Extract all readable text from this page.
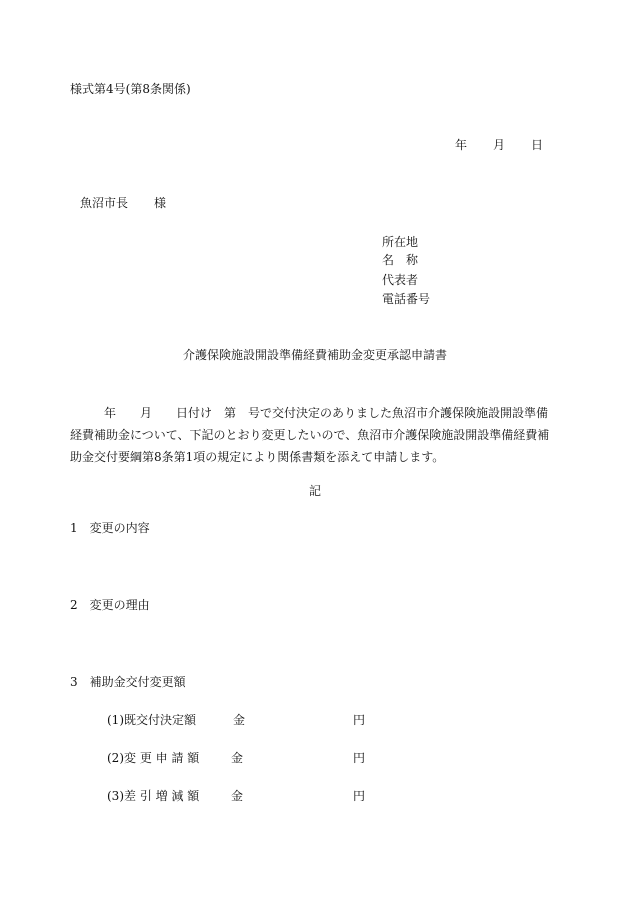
様式第4号(第8条関係)
年 月 日
魚沼市長 様
所在地
名　称
代表者
電話番号
介護保険施設開設準備経費補助金変更承認申請書
年　　月　　日付け　第　号で交付決定のありました魚沼市介護保険施設開設準備
経費補助金について、下記のとおり変更したいので、魚沼市介護保険施設開設準備経費補
助金交付要綱第8条第1項の規定により関係書類を添えて申請します。
記
1　変更の内容
2　変更の理由
3　補助金交付変更額
(1)既交付決定額	金	円
(2)変 更 申 請 額	金	円
(3)差 引 増 減 額	金	円
